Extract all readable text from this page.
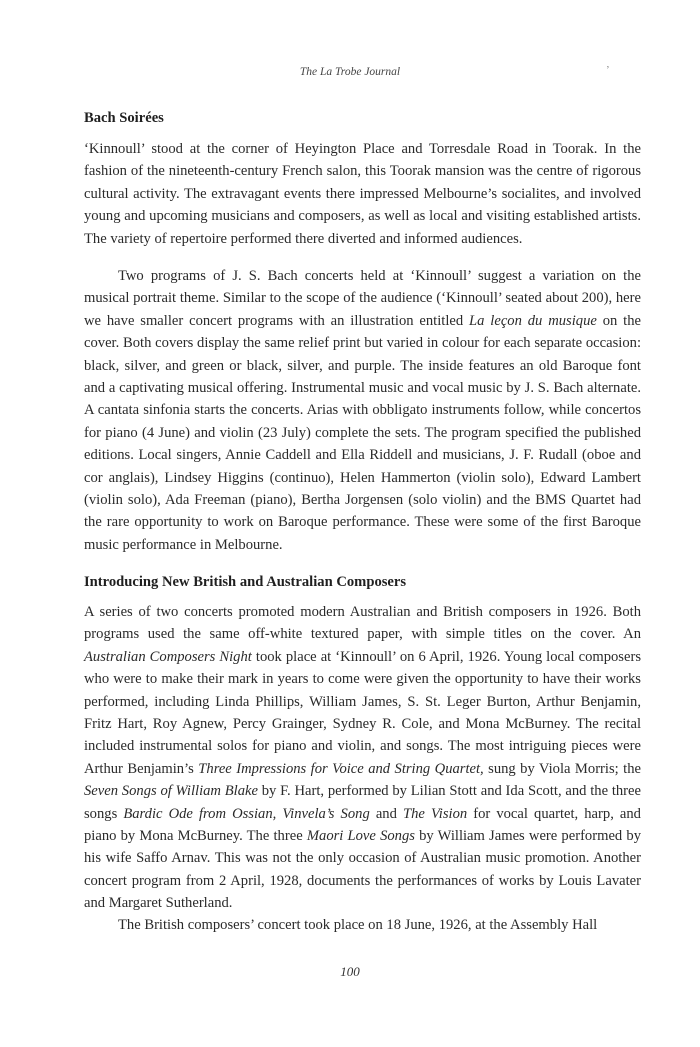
The La Trobe Journal	ʼ
Bach Soirées

‘Kinnoull’ stood at the corner of Heyington Place and Torresdale Road in Toorak. In the fashion of the nineteenth-century French salon, this Toorak mansion was the centre of rigorous cultural activity. The extravagant events there impressed Melbourne’s socialites, and involved young and upcoming musicians and composers, as well as local and visiting established artists. The variety of repertoire performed there diverted and informed audiences.

Two programs of J. S. Bach concerts held at ‘Kinnoull’ suggest a variation on the musical portrait theme. Similar to the scope of the audience (‘Kinnoull’ seated about 200), here we have smaller concert programs with an illustration entitled La leçon du musique on the cover. Both covers display the same relief print but varied in colour for each separate occasion: black, silver, and green or black, silver, and purple. The inside features an old Baroque font and a captivating musical offering. Instrumental music and vocal music by J. S. Bach alternate. A cantata sinfonia starts the concerts. Arias with obbligato instruments follow, while concertos for piano (4 June) and violin (23 July) complete the sets. The program specified the published editions. Local singers, Annie Caddell and Ella Riddell and musicians, J. F. Rudall (oboe and cor anglais), Lindsey Higgins (continuo), Helen Hammerton (violin solo), Edward Lambert (violin solo), Ada Freeman (piano), Bertha Jorgensen (solo violin) and the BMS Quartet had the rare opportunity to work on Baroque performance. These were some of the first Baroque music performance in Melbourne.

Introducing New British and Australian Composers

A series of two concerts promoted modern Australian and British composers in 1926. Both programs used the same off-white textured paper, with simple titles on the cover. An Australian Composers Night took place at ‘Kinnoull’ on 6 April, 1926. Young local composers who were to make their mark in years to come were given the opportunity to have their works performed, including Linda Phillips, William James, S. St. Leger Burton, Arthur Benjamin, Fritz Hart, Roy Agnew, Percy Grainger, Sydney R. Cole, and Mona McBurney. The recital included instrumental solos for piano and violin, and songs. The most intriguing pieces were Arthur Benjamin’s Three Impressions for Voice and String Quartet, sung by Viola Morris; the Seven Songs of William Blake by F. Hart, performed by Lilian Stott and Ida Scott, and the three songs Bardic Ode from Ossian, Vinvela’s Song and The Vision for vocal quartet, harp, and piano by Mona McBurney. The three Maori Love Songs by William James were performed by his wife Saffo Arnav. This was not the only occasion of Australian music promotion. Another concert program from 2 April, 1928, documents the performances of works by Louis Lavater and Margaret Sutherland.

The British composers’ concert took place on 18 June, 1926, at the Assembly Hall

100
